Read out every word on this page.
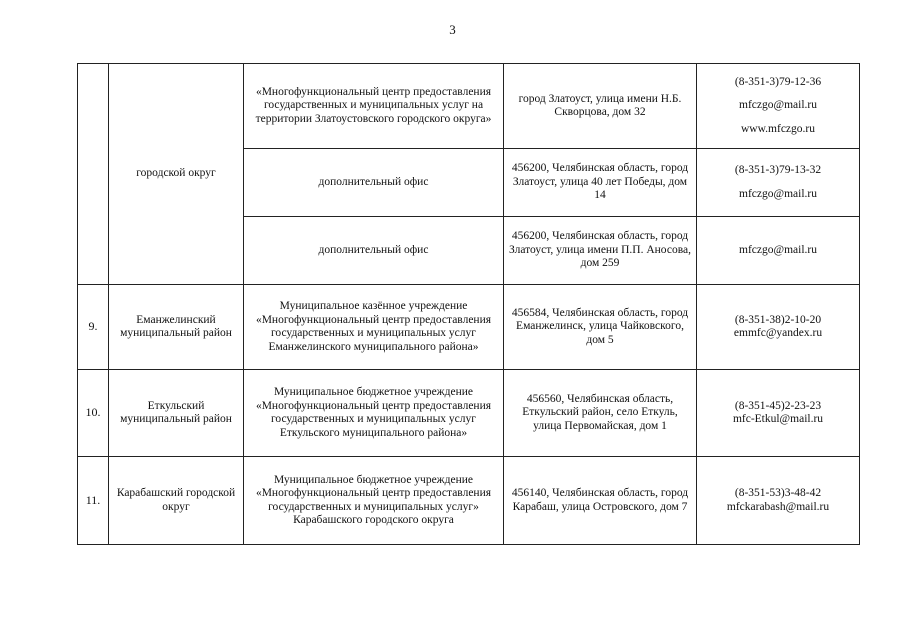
3
	городской округ	«Многофункциональный центр предоставления государственных и муниципальных услуг на территории Златоустовского городского округа»	город Златоуст, улица имени Н.Б. Скворцова, дом 32	(8-351-3)79-12-36
mfczgo@mail.ru
www.mfczgo.ru

		дополнительный офис	456200, Челябинская область, город Златоуст, улица 40 лет Победы, дом 14	(8-351-3)79-13-32
mfczgo@mail.ru

		дополнительный офис	456200, Челябинская область, город Златоуст, улица имени П.П. Аносова, дом 259	mfczgo@mail.ru

9.	Еманжелинский муниципальный район	Муниципальное казённое учреждение «Многофункциональный центр предоставления государственных и муниципальных услуг Еманжелинского муниципального района»	456584, Челябинская область, город Еманжелинск, улица Чайковского, дом 5	(8-351-38)2-10-20
emmfc@yandex.ru

10.	Еткульский муниципальный район	Муниципальное бюджетное учреждение «Многофункциональный центр предоставления государственных и муниципальных услуг Еткульского муниципального района»	456560, Челябинская область, Еткульский район, село Еткуль, улица Первомайская, дом 1	(8-351-45)2-23-23
mfc-Etkul@mail.ru

11.	Карабашский городской округ	Муниципальное бюджетное учреждение «Многофункциональный центр предоставления государственных и муниципальных услуг» Карабашского городского округа	456140, Челябинская область, город Карабаш, улица Островского, дом 7	(8-351-53)3-48-42
mfckarabash@mail.ru
